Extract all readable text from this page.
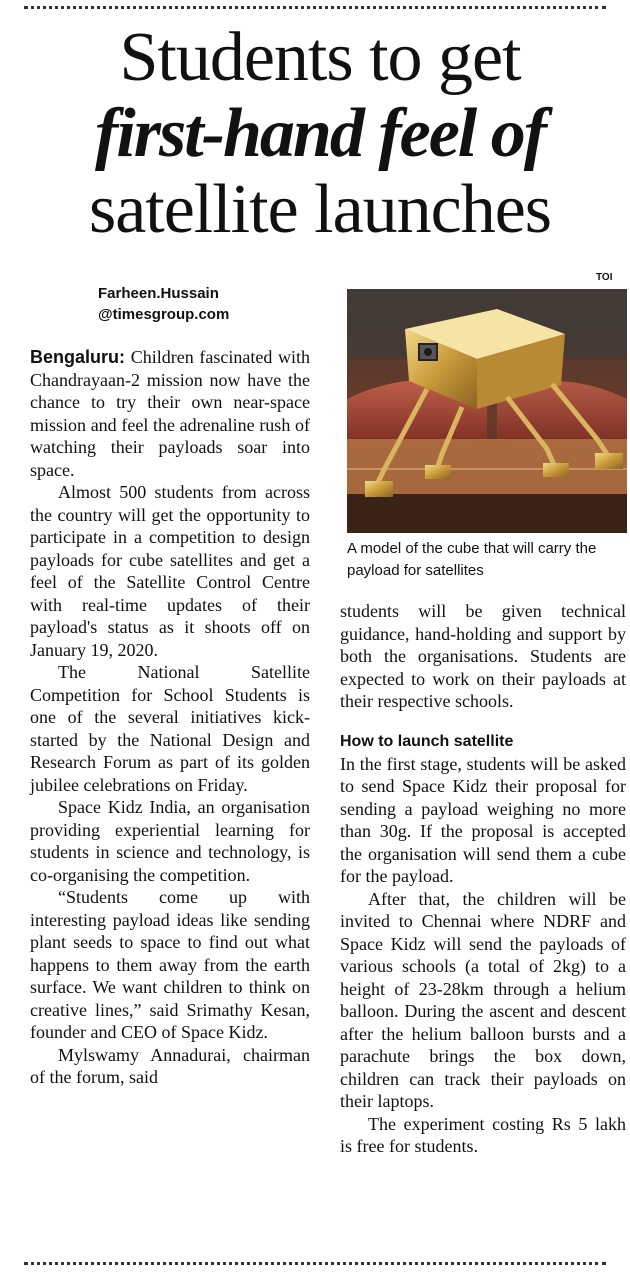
Students to get
first-hand feel of
satellite launches
Farheen.Hussain
@timesgroup.com
TOI
A model of the cube that will carry the payload for satellites

Bengaluru: Children fascinated with Chandrayaan-2 mission now have the chance to try their own near-space mission and feel the adrenaline rush of watching their payloads soar into space.

Almost 500 students from across the country will get the opportunity to participate in a competition to design payloads for cube satellites and get a feel of the Satellite Control Centre with real-time updates of their payload's status as it shoots off on January 19, 2020.

The National Satellite Competition for School Students is one of the several initiatives kick-started by the National Design and Research Forum as part of its golden jubilee celebrations on Friday.

Space Kidz India, an organisation providing experiential learning for students in science and technology, is co-organising the competition.

“Students come up with interesting payload ideas like sending plant seeds to space to find out what happens to them away from the earth surface. We want children to think on creative lines,” said Srimathy Kesan, founder and CEO of Space Kidz.

Mylswamy Annadurai, chairman of the forum, said

students will be given technical guidance, hand-holding and support by both the organisations. Students are expected to work on their payloads at their respective schools.

How to launch satellite

In the first stage, students will be asked to send Space Kidz their proposal for sending a payload weighing no more than 30g. If the proposal is accepted the organisation will send them a cube for the payload.

After that, the children will be invited to Chennai where NDRF and Space Kidz will send the payloads of various schools (a total of 2kg) to a height of 23-28km through a helium balloon. During the ascent and descent after the helium balloon bursts and a parachute brings the box down, children can track their payloads on their laptops.

The experiment costing Rs 5 lakh is free for students.
